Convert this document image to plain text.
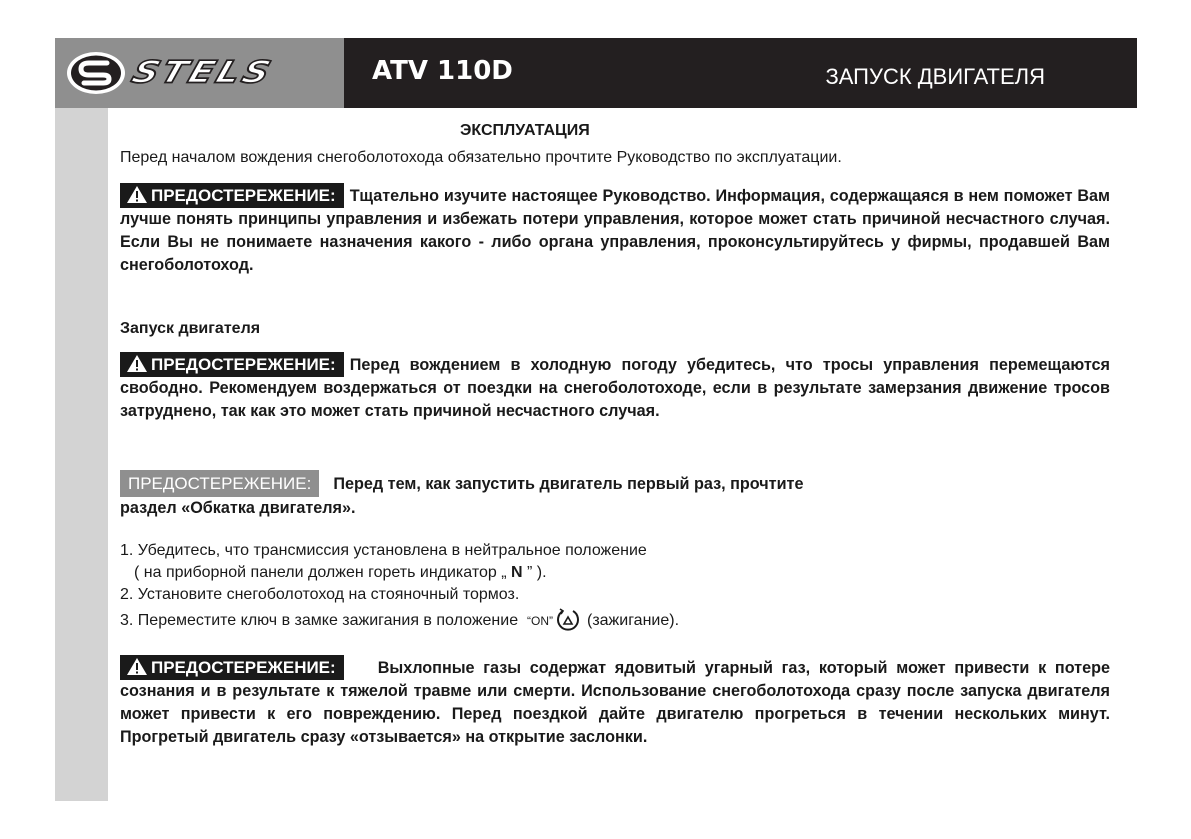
STELS	ATV 110D	ЗАПУСК ДВИГАТЕЛЯ
ЭКСПЛУАТАЦИЯ
Перед началом вождения снегоболотохода обязательно прочтите Руководство по эксплуатации.
ПРЕДОСТЕРЕЖЕНИЕ: Тщательно изучите настоящее Руководство. Информация, содержащаяся в нем поможет Вам лучше понять принципы управления и избежать потери управления, которое может стать причиной несчастного случая. Если Вы не понимаете назначения какого - либо органа управления, проконсультируйтесь у фирмы, продавшей Вам снегоболотоход.
Запуск двигателя
ПРЕДОСТЕРЕЖЕНИЕ: Перед вождением в холодную погоду убедитесь, что тросы управления перемещаются свободно. Рекомендуем воздержаться от поездки на снегоболотоходе, если в результате замерзания движение тросов затруднено, так как это может стать причиной несчастного случая.
ПРЕДОСТЕРЕЖЕНИЕ: Перед тем, как запустить двигатель первый раз, прочтите
раздел «Обкатка двигателя».
1. Убедитесь, что трансмиссия установлена в нейтральное положение
( на приборной панели должен гореть индикатор „ N ” ).
2. Установите снегоболотоход на стояночный тормоз.
3. Переместите ключ в замке зажигания в положение “ON” (зажигание).
ПРЕДОСТЕРЕЖЕНИЕ:	Выхлопные газы содержат ядовитый угарный газ, который может привести к потере сознания и в результате к тяжелой травме или смерти. Использование снегоболотохода сразу после запуска двигателя может привести к его повреждению. Перед поездкой дайте двигателю прогреться в течении нескольких минут. Прогретый двигатель сразу «отзывается» на открытие заслонки.
